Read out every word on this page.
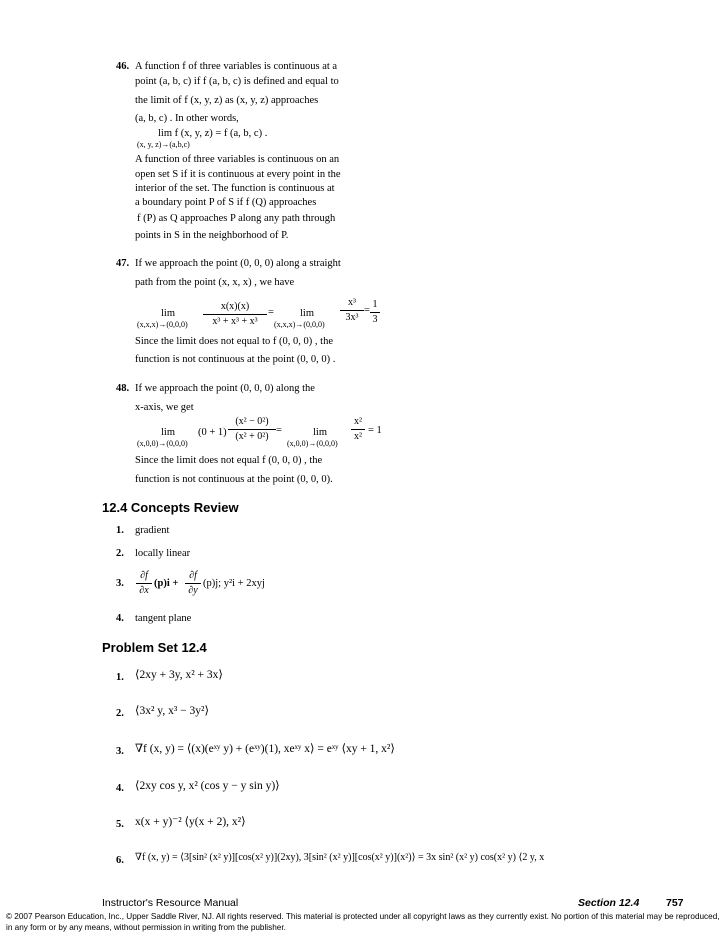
46. A function f of three variables is continuous at a
point (a, b, c) if f (a, b, c) is defined and equal to
the limit of f (x, y, z) as (x, y, z) approaches
(a, b, c) . In other words,
lim f (x, y, z) = f (a, b, c) .
(x, y, z)→(a,b,c)
A function of three variables is continuous on an
open set S if it is continuous at every point in the
interior of the set. The function is continuous at
a boundary point P of S if f (Q) approaches
f (P) as Q approaches P along any path through
points in S in the neighborhood of P.
47. If we approach the point (0, 0, 0) along a straight
path from the point (x, x, x) , we have
lim
(x,x,x)→(0,0,0)
x(x)(x)
x³ + x³ + x³
= lim
(x,x,x)→(0,0,0)
x³
3x³
=
1
3
Since the limit does not equal to f (0, 0, 0) , the
function is not continuous at the point (0, 0, 0) .
48. If we approach the point (0, 0, 0) along the
x-axis, we get
lim
(x,0,0)→(0,0,0)
(0 + 1)
(x² − 0²)
(x² + 0²)
=	lim
(x,0,0)→(0,0,0)
x²
x²
= 1
Since the limit does not equal f (0, 0, 0) , the
function is not continuous at the point (0, 0, 0).
12.4 Concepts Review
1. gradient
2. locally linear
3.
∂f
∂x
(p)i +
∂f
∂y
(p)j; y²i + 2xyj
4. tangent plane
Problem Set 12.4
1. ⟨2xy + 3y, x² + 3x⟩
2. ⟨3x² y, x³ − 3y²⟩
3. ∇f (x, y) = ⟨(x)(eˣʸ y) + (eˣʸ)(1), xeˣʸ x⟩ = eˣʸ ⟨xy + 1, x²⟩
4. ⟨2xy cos y, x² (cos y − y sin y)⟩
5. x(x + y)⁻² ⟨y(x + 2), x²⟩
6. ∇f (x, y) = ⟨3[sin² (x² y)][cos(x² y)](2xy), 3[sin² (x² y)][cos(x² y)](x²)⟩ = 3x sin² (x² y) cos(x² y) ⟨2 y, x
Instructor's Resource Manual	Section 12.4	757
© 2007 Pearson Education, Inc., Upper Saddle River, NJ. All rights reserved. This material is protected under all copyright laws as they currently exist. No portion of this material may be reproduced, in any form or by any means, without permission in writing from the publisher.
